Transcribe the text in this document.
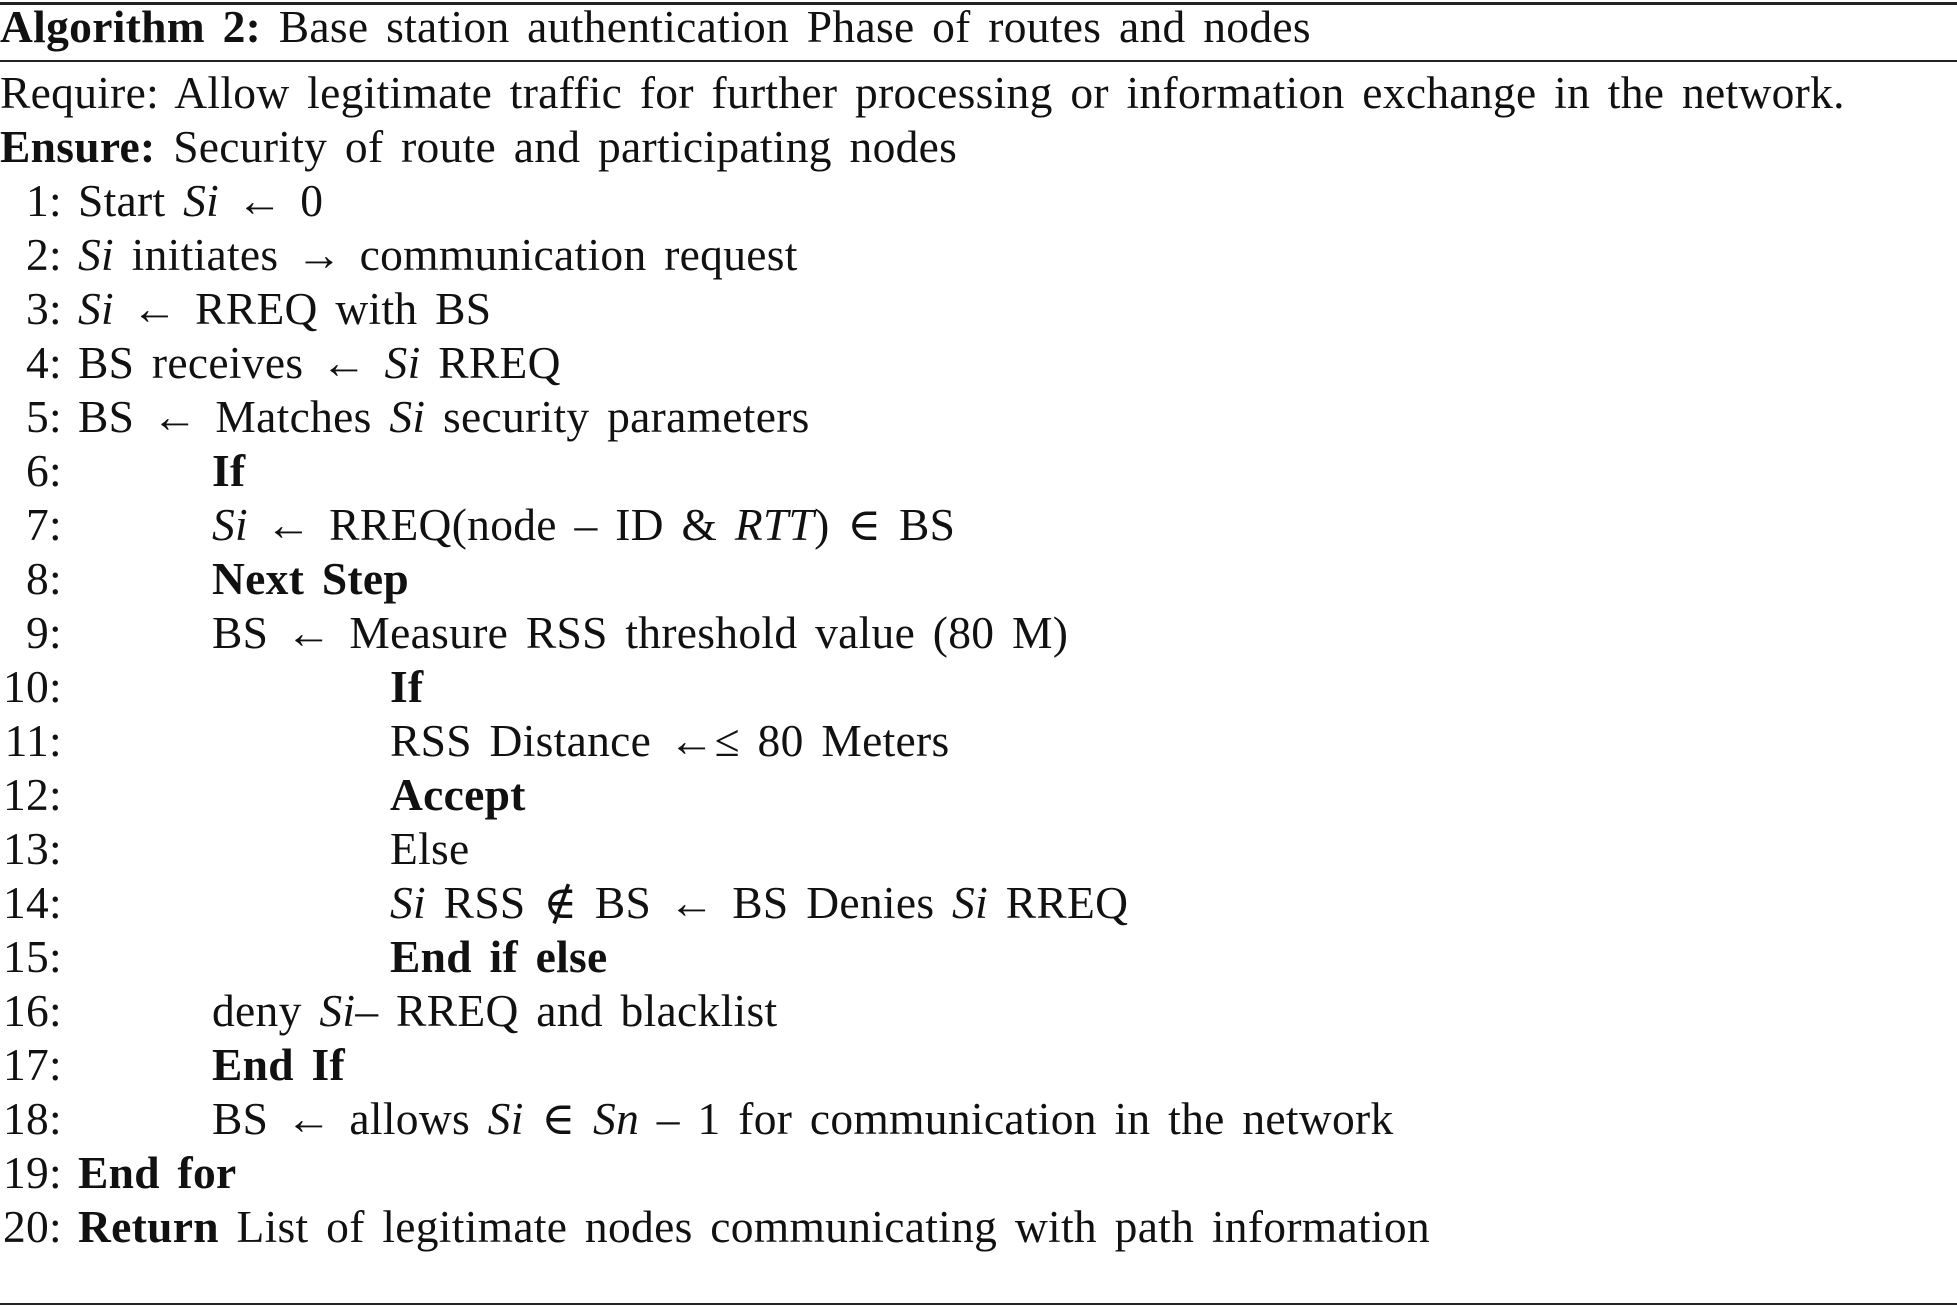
Algorithm 2: Base station authentication Phase of routes and nodes
Require: Allow legitimate traffic for further processing or information exchange in the network.
Ensure: Security of route and participating nodes
1: Start Si ← 0
2: Si initiates → communication request
3: Si ← RREQ with BS
4: BS receives ← Si RREQ
5: BS ← Matches Si security parameters
6:	If
7:	Si ← RREQ(node – ID & RTT) ∈ BS
8:	Next Step
9:	BS ← Measure RSS threshold value (80 M)
10:	If
11:	RSS Distance ←≤ 80 Meters
12:	Accept
13:	Else
14:	Si RSS ∉ BS ← BS Denies Si RREQ
15:	End if else
16:	deny Si– RREQ and blacklist
17:	End If
18:	BS ← allows Si ∈ Sn – 1 for communication in the network
19: End for
20: Return List of legitimate nodes communicating with path information
